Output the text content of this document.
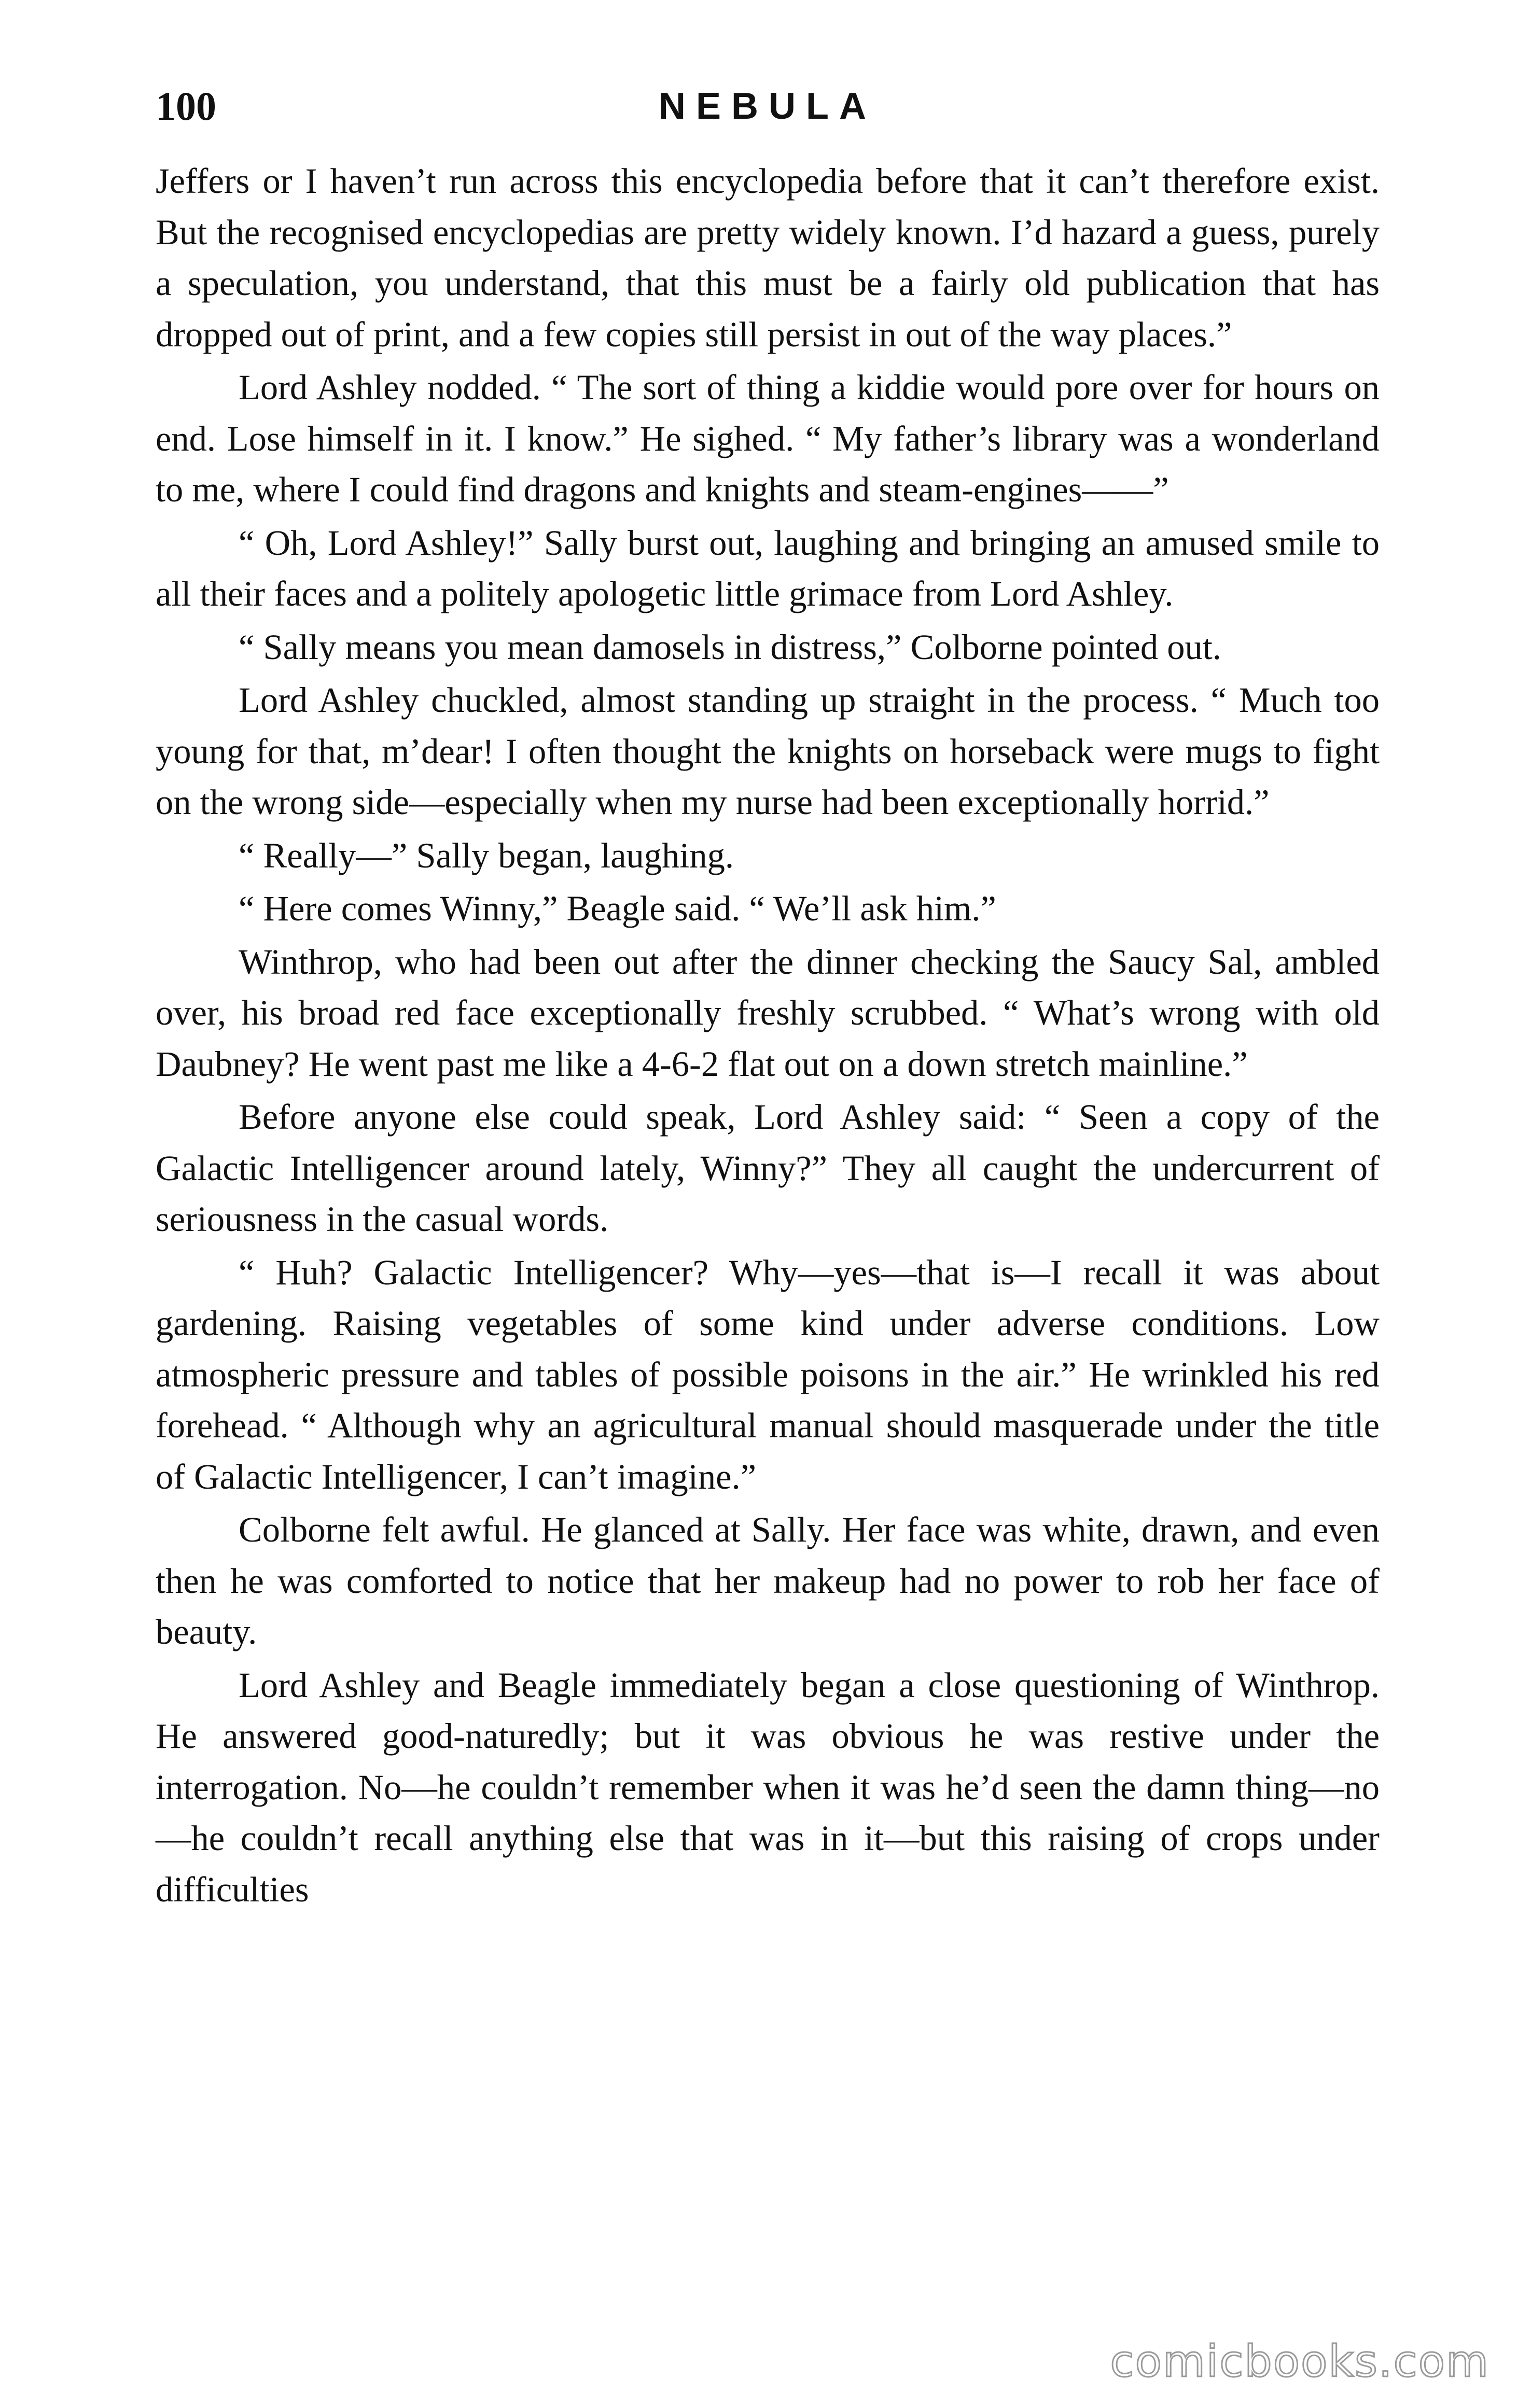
100	NEBULA

Jeffers or I haven’t run across this encyclopedia before that it can’t therefore exist. But the recognised encyclopedias are pretty widely known. I’d hazard a guess, purely a speculation, you understand, that this must be a fairly old publication that has dropped out of print, and a few copies still persist in out of the way places.”

Lord Ashley nodded. “ The sort of thing a kiddie would pore over for hours on end. Lose himself in it. I know.” He sighed. “ My father’s library was a wonderland to me, where I could find dragons and knights and steam-engines——”

“ Oh, Lord Ashley!” Sally burst out, laughing and bringing an amused smile to all their faces and a politely apologetic little grimace from Lord Ashley.

“ Sally means you mean damosels in distress,” Colborne pointed out.

Lord Ashley chuckled, almost standing up straight in the process. “ Much too young for that, m’dear! I often thought the knights on horseback were mugs to fight on the wrong side—especially when my nurse had been exceptionally horrid.”

“ Really—” Sally began, laughing.

“ Here comes Winny,” Beagle said. “ We’ll ask him.”

Winthrop, who had been out after the dinner checking the Saucy Sal, ambled over, his broad red face exceptionally freshly scrubbed. “ What’s wrong with old Daubney? He went past me like a 4-6-2 flat out on a down stretch mainline.”

Before anyone else could speak, Lord Ashley said: “ Seen a copy of the Galactic Intelligencer around lately, Winny?” They all caught the undercurrent of seriousness in the casual words.

“ Huh? Galactic Intelligencer? Why—yes—that is—I recall it was about gardening. Raising vegetables of some kind under adverse conditions. Low atmospheric pressure and tables of possible poisons in the air.” He wrinkled his red forehead. “ Although why an agricultural manual should masquerade under the title of Galactic Intelligencer, I can’t imagine.”

Colborne felt awful. He glanced at Sally. Her face was white, drawn, and even then he was comforted to notice that her makeup had no power to rob her face of beauty.

Lord Ashley and Beagle immediately began a close questioning of Winthrop. He answered good-naturedly; but it was obvious he was restive under the interrogation. No—he couldn’t remember when it was he’d seen the damn thing—no—he couldn’t recall anything else that was in it—but this raising of crops under difficulties

comicbooks.com
